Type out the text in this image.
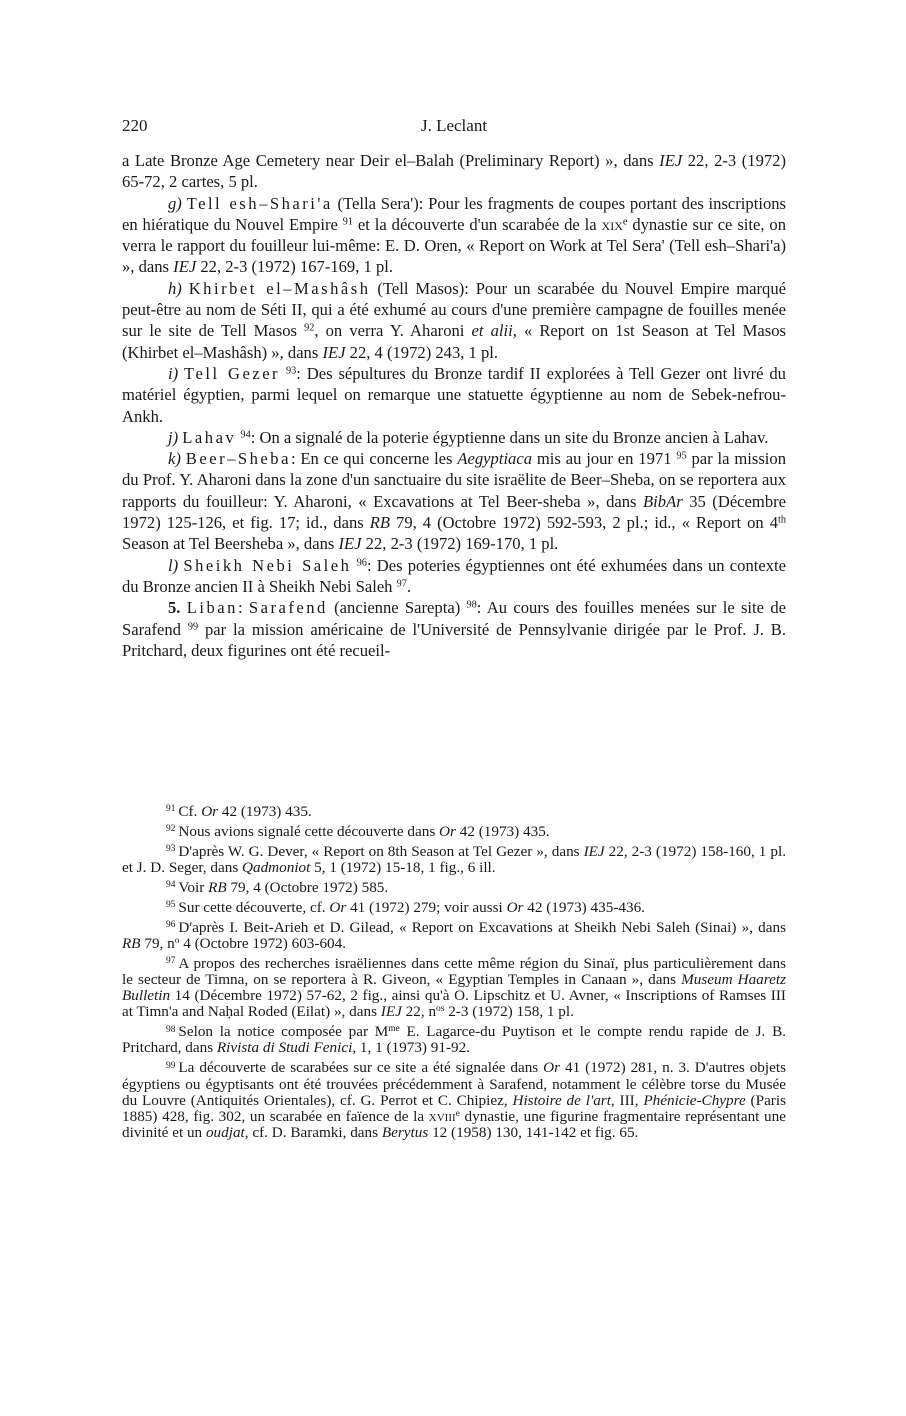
220	J. Leclant

a Late Bronze Age Cemetery near Deir el–Balah (Preliminary Report) », dans IEJ 22, 2-3 (1972) 65-72, 2 cartes, 5 pl.

g) Tell esh–Shari'a (Tella Sera'): Pour les fragments de coupes portant des inscriptions en hiératique du Nouvel Empire $^{91}$ et la découverte d'un scarabée de la xix$^e$ dynastie sur ce site, on verra le rapport du fouilleur lui-même: E. D. Oren, « Report on Work at Tel Sera' (Tell esh–Shari'a) », dans IEJ 22, 2-3 (1972) 167-169, 1 pl.

h) Khirbet el–Mashâsh (Tell Masos): Pour un scarabée du Nouvel Empire marqué peut-être au nom de Séti II, qui a été exhumé au cours d'une première campagne de fouilles menée sur le site de Tell Masos $^{92}$, on verra Y. Aharoni et alii, « Report on 1st Season at Tel Masos (Khirbet el–Mashâsh) », dans IEJ 22, 4 (1972) 243, 1 pl.

i) Tell Gezer $^{93}$: Des sépultures du Bronze tardif II explorées à Tell Gezer ont livré du matériel égyptien, parmi lequel on remarque une statuette égyptienne au nom de Sebek-nefrou-Ankh.

j) Lahav $^{94}$: On a signalé de la poterie égyptienne dans un site du Bronze ancien à Lahav.

k) Beer–Sheba: En ce qui concerne les Aegyptiaca mis au jour en 1971 $^{95}$ par la mission du Prof. Y. Aharoni dans la zone d'un sanctuaire du site israëlite de Beer–Sheba, on se reportera aux rapports du fouilleur: Y. Aharoni, « Excavations at Tel Beer-sheba », dans BibAr 35 (Décembre 1972) 125-126, et fig. 17; id., dans RB 79, 4 (Octobre 1972) 592-593, 2 pl.; id., « Report on 4th Season at Tel Beersheba », dans IEJ 22, 2-3 (1972) 169-170, 1 pl.

l) Sheikh Nebi Saleh $^{96}$: Des poteries égyptiennes ont été exhumées dans un contexte du Bronze ancien II à Sheikh Nebi Saleh $^{97}$.

5. Liban: Sarafend (ancienne Sarepta) $^{98}$: Au cours des fouilles menées sur le site de Sarafend $^{99}$ par la mission américaine de l'Université de Pennsylvanie dirigée par le Prof. J. B. Pritchard, deux figurines ont été recueil-

$^{91}$ Cf. Or 42 (1973) 435.

$^{92}$ Nous avions signalé cette découverte dans Or 42 (1973) 435.

$^{93}$ D'après W. G. Dever, « Report on 8th Season at Tel Gezer », dans IEJ 22, 2-3 (1972) 158-160, 1 pl. et J. D. Seger, dans Qadmoniot 5, 1 (1972) 15-18, 1 fig., 6 ill.

$^{94}$ Voir RB 79, 4 (Octobre 1972) 585.

$^{95}$ Sur cette découverte, cf. Or 41 (1972) 279; voir aussi Or 42 (1973) 435-436.

$^{96}$ D'après I. Beit-Arieh et D. Gilead, « Report on Excavations at Sheikh Nebi Saleh (Sinai) », dans RB 79, $n^o$ 4 (Octobre 1972) 603-604.

$^{97}$ A propos des recherches israëliennes dans cette même région du Sinaï, plus particulièrement dans le secteur de Timna, on se reportera à R. Giveon, « Egyptian Temples in Canaan », dans Museum Haaretz Bulletin 14 (Décembre 1972) 57-62, 2 fig., ainsi qu'à O. Lipschitz et U. Avner, « Inscriptions of Ramses III at Timn'a and Naḥal Roded (Eilat) », dans IEJ 22, $n^{os}$ 2-3 (1972) 158, 1 pl.

$^{98}$ Selon la notice composée par $M^{me}$ E. Lagarce-du Puytison et le compte rendu rapide de J. B. Pritchard, dans Rivista di Studi Fenici, 1, 1 (1973) 91-92.

$^{99}$ La découverte de scarabées sur ce site a été signalée dans Or 41 (1972) 281, n. 3. D'autres objets égyptiens ou égyptisants ont été trouvées précédemment à Sarafend, notamment le célèbre torse du Musée du Louvre (Antiquités Orientales), cf. G. Perrot et C. Chipiez, Histoire de l'art, III, Phénicie-Chypre (Paris 1885) 428, fig. 302, un scarabée en faïence de la xviii$^e$ dynastie, une figurine fragmentaire représentant une divinité et un oudjat, cf. D. Baramki, dans Berytus 12 (1958) 130, 141-142 et fig. 65.
